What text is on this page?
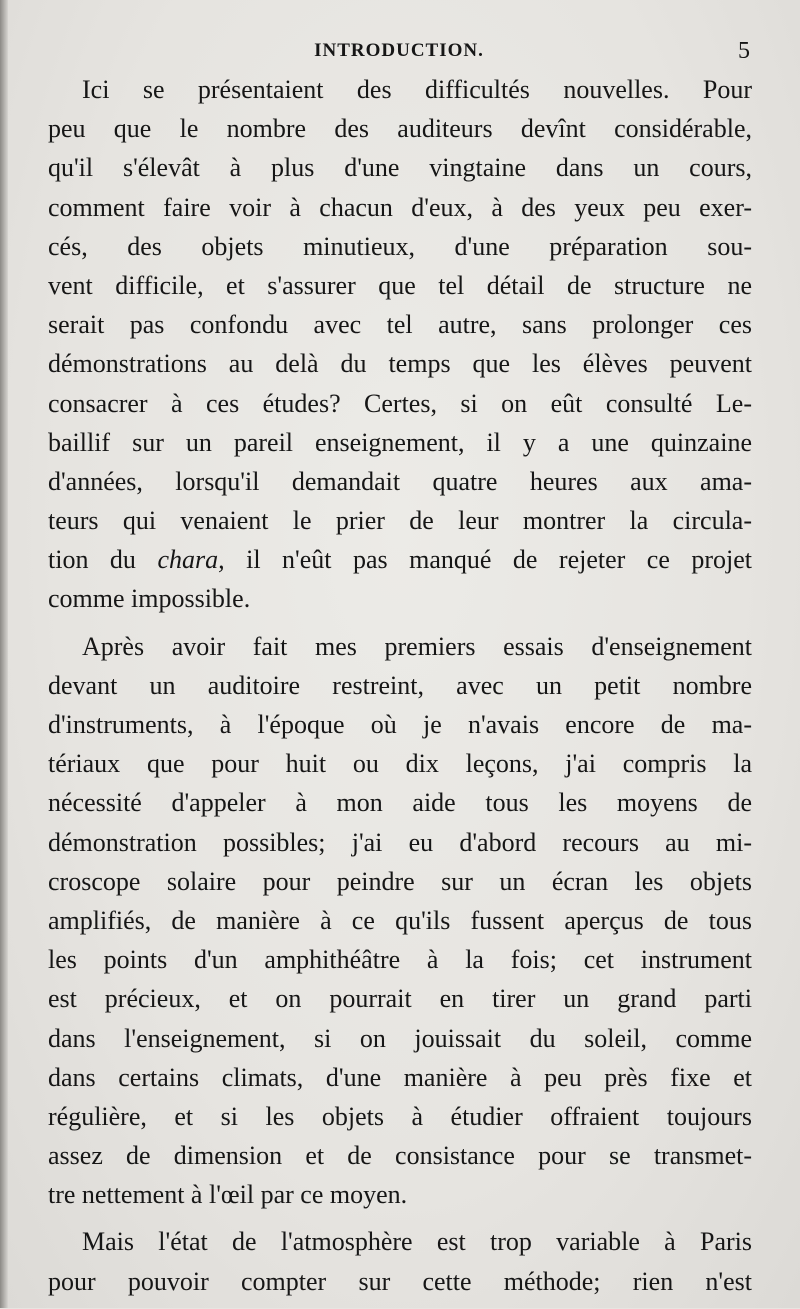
INTRODUCTION.	5
Ici se présentaient des difficultés nouvelles. Pour
peu que le nombre des auditeurs devînt considérable,
qu'il s'élevât à plus d'une vingtaine dans un cours,
comment faire voir à chacun d'eux, à des yeux peu exer-
cés, des objets minutieux, d'une préparation sou-
vent difficile, et s'assurer que tel détail de structure ne
serait pas confondu avec tel autre, sans prolonger ces
démonstrations au delà du temps que les élèves peuvent
consacrer à ces études? Certes, si on eût consulté Le-
baillif sur un pareil enseignement, il y a une quinzaine
d'années, lorsqu'il demandait quatre heures aux ama-
teurs qui venaient le prier de leur montrer la circula-
tion du chara, il n'eût pas manqué de rejeter ce projet
comme impossible.
Après avoir fait mes premiers essais d'enseignement
devant un auditoire restreint, avec un petit nombre
d'instruments, à l'époque où je n'avais encore de ma-
tériaux que pour huit ou dix leçons, j'ai compris la
nécessité d'appeler à mon aide tous les moyens de
démonstration possibles; j'ai eu d'abord recours au mi-
croscope solaire pour peindre sur un écran les objets
amplifiés, de manière à ce qu'ils fussent aperçus de tous
les points d'un amphithéâtre à la fois; cet instrument
est précieux, et on pourrait en tirer un grand parti
dans l'enseignement, si on jouissait du soleil, comme
dans certains climats, d'une manière à peu près fixe et
régulière, et si les objets à étudier offraient toujours
assez de dimension et de consistance pour se transmet-
tre nettement à l'œil par ce moyen.
Mais l'état de l'atmosphère est trop variable à Paris
pour pouvoir compter sur cette méthode; rien n'est
